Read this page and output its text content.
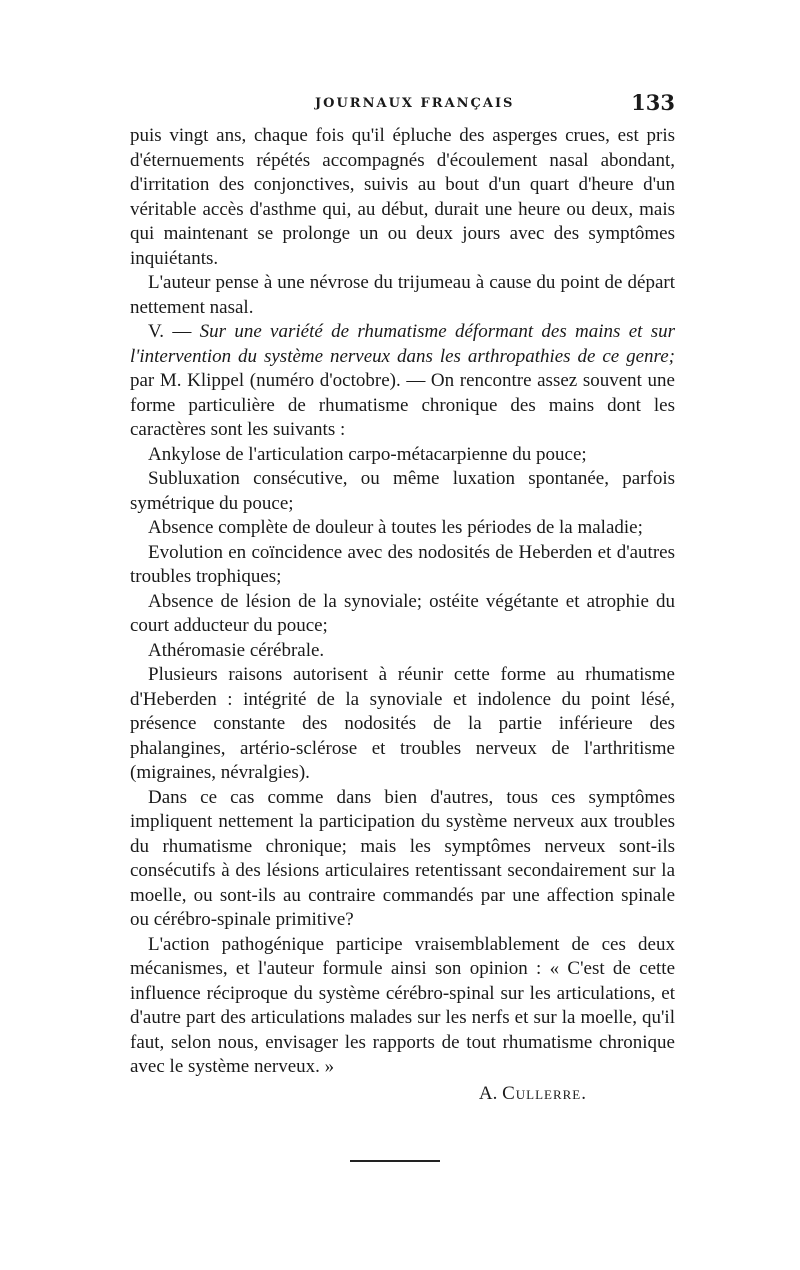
JOURNAUX FRANÇAIS	133

puis vingt ans, chaque fois qu'il épluche des asperges crues, est pris d'éternuements répétés accompagnés d'écoulement nasal abondant, d'irritation des conjonctives, suivis au bout d'un quart d'heure d'un véritable accès d'asthme qui, au début, durait une heure ou deux, mais qui maintenant se prolonge un ou deux jours avec des symptômes inquiétants.

L'auteur pense à une névrose du trijumeau à cause du point de départ nettement nasal.

V. — Sur une variété de rhumatisme déformant des mains et sur l'intervention du système nerveux dans les arthropathies de ce genre; par M. Klippel (numéro d'octobre). — On rencontre assez souvent une forme particulière de rhumatisme chronique des mains dont les caractères sont les suivants :

Ankylose de l'articulation carpo-métacarpienne du pouce;

Subluxation consécutive, ou même luxation spontanée, parfois symétrique du pouce;

Absence complète de douleur à toutes les périodes de la maladie;

Evolution en coïncidence avec des nodosités de Heberden et d'autres troubles trophiques;

Absence de lésion de la synoviale; ostéite végétante et atrophie du court adducteur du pouce;

Athéromasie cérébrale.

Plusieurs raisons autorisent à réunir cette forme au rhumatisme d'Heberden : intégrité de la synoviale et indolence du point lésé, présence constante des nodosités de la partie inférieure des phalangines, artério-sclérose et troubles nerveux de l'arthritisme (migraines, névralgies).

Dans ce cas comme dans bien d'autres, tous ces symptômes impliquent nettement la participation du système nerveux aux troubles du rhumatisme chronique; mais les symptômes nerveux sont-ils consécutifs à des lésions articulaires retentissant secondairement sur la moelle, ou sont-ils au contraire commandés par une affection spinale ou cérébro-spinale primitive?

L'action pathogénique participe vraisemblablement de ces deux mécanismes, et l'auteur formule ainsi son opinion : « C'est de cette influence réciproque du système cérébro-spinal sur les articulations, et d'autre part des articulations malades sur les nerfs et sur la moelle, qu'il faut, selon nous, envisager les rapports de tout rhumatisme chronique avec le système nerveux. »

A. Cullerre.
